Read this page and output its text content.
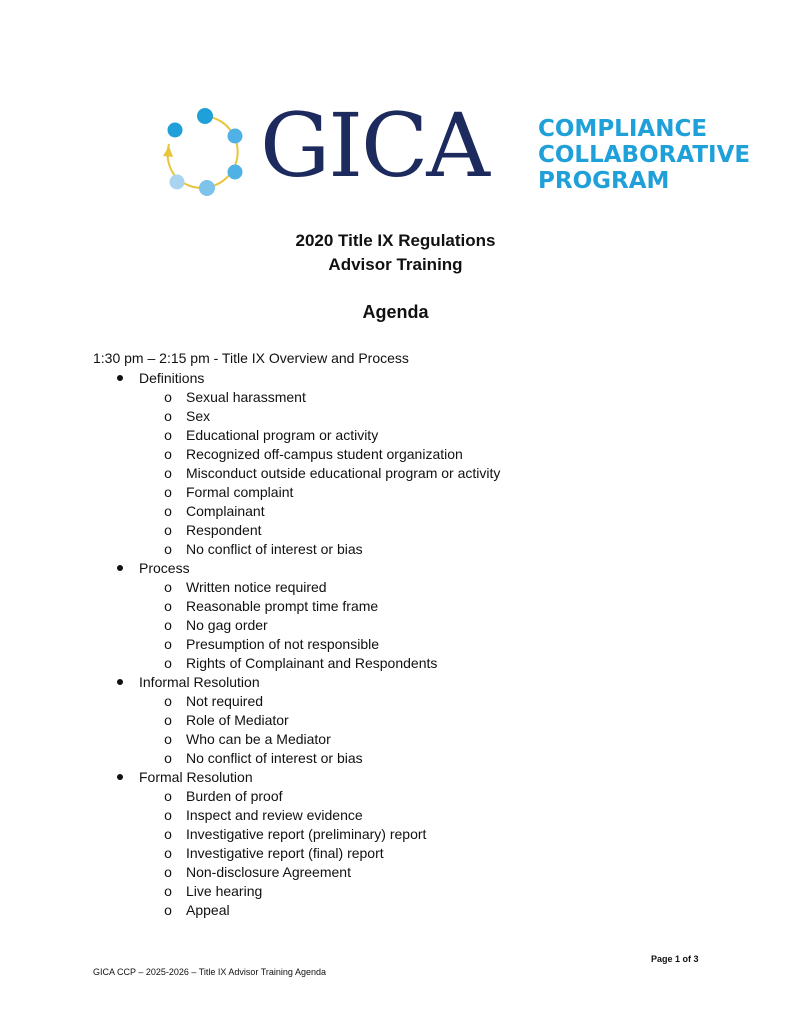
GICA COMPLIANCE
COLLABORATIVE
PROGRAM
2020 Title IX Regulations
Advisor Training
Agenda
1:30 pm – 2:15 pm - Title IX Overview and Process
Definitions
o Sexual harassment
o Sex
o Educational program or activity
o Recognized off-campus student organization
o Misconduct outside educational program or activity
o Formal complaint
o Complainant
o Respondent
o No conflict of interest or bias
Process
o Written notice required
o Reasonable prompt time frame
o No gag order
o Presumption of not responsible
o Rights of Complainant and Respondents
Informal Resolution
o Not required
o Role of Mediator
o Who can be a Mediator
o No conflict of interest or bias
Formal Resolution
o Burden of proof
o Inspect and review evidence
o Investigative report (preliminary) report
o Investigative report (final) report
o Non-disclosure Agreement
o Live hearing
o Appeal
Page 1 of 3
GICA CCP – 2025-2026 – Title IX Advisor Training Agenda
